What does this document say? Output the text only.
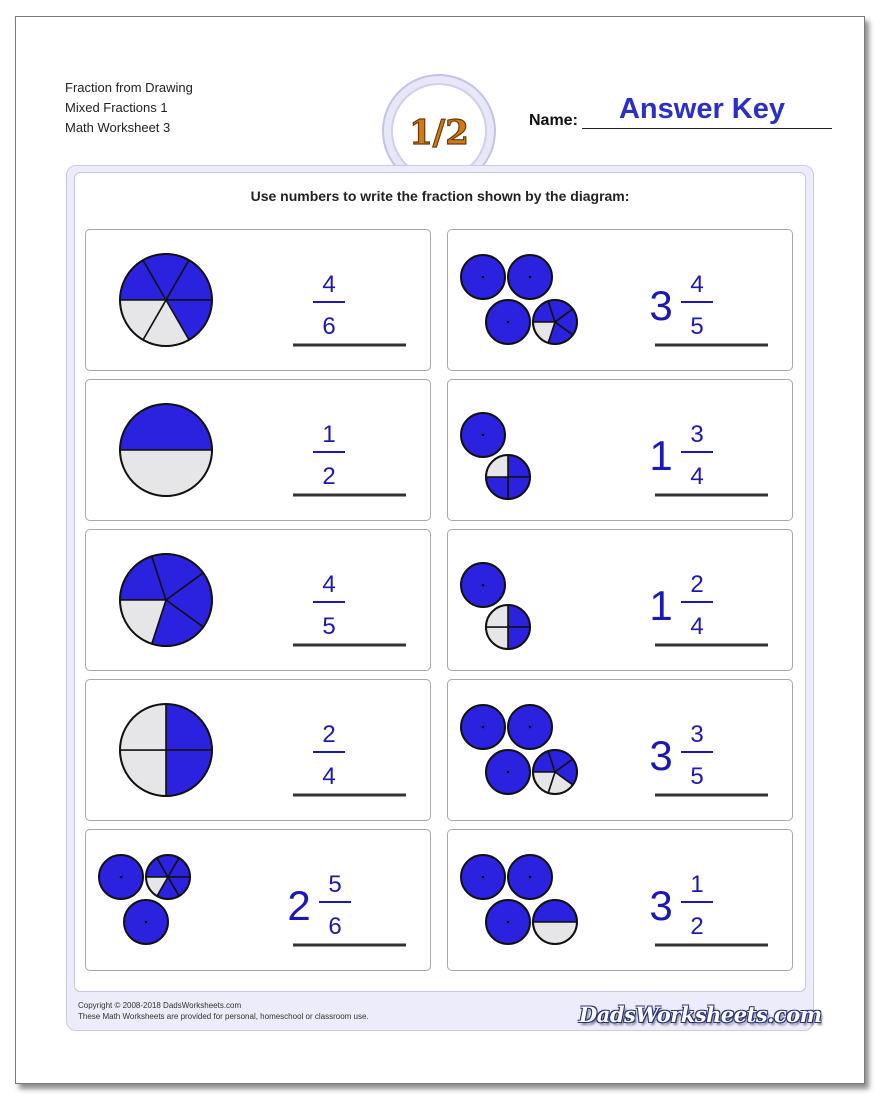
Fraction from Drawing
Mixed Fractions 1
Math Worksheet 3	1/2	Name:	Answer Key
Use numbers to write the fraction shown by the diagram:
4
6	3 4
5
1
2	1 3
4
4
5	1 2
4
2
4	3 3
5
2 5
6	3 1
2
Copyright © 2008-2018 DadsWorksheets.com
These Math Worksheets are provided for personal, homeschool or classroom use.	DadsWorksheets.com
